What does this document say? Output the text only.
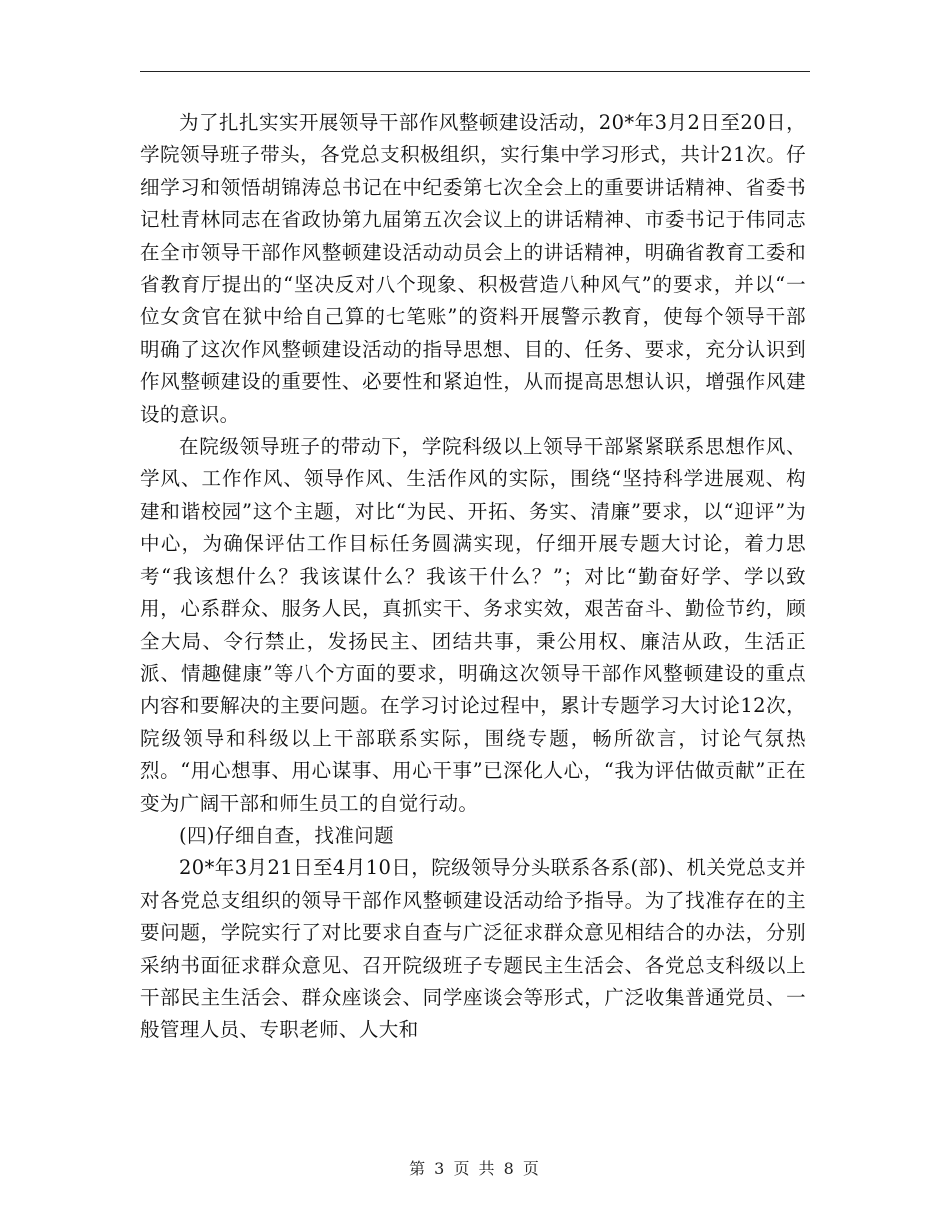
为了扎扎实实开展领导干部作风整顿建设活动，20*年3月2日至20日，学院领导班子带头，各党总支积极组织，实行集中学习形式，共计21次。仔细学习和领悟胡锦涛总书记在中纪委第七次全会上的重要讲话精神、省委书记杜青林同志在省政协第九届第五次会议上的讲话精神、市委书记于伟同志在全市领导干部作风整顿建设活动动员会上的讲话精神，明确省教育工委和省教育厅提出的“坚决反对八个现象、积极营造八种风气”的要求，并以“一位女贪官在狱中给自己算的七笔账”的资料开展警示教育，使每个领导干部明确了这次作风整顿建设活动的指导思想、目的、任务、要求，充分认识到作风整顿建设的重要性、必要性和紧迫性，从而提高思想认识，增强作风建设的意识。

在院级领导班子的带动下，学院科级以上领导干部紧紧联系思想作风、学风、工作作风、领导作风、生活作风的实际，围绕“坚持科学进展观、构建和谐校园”这个主题，对比“为民、开拓、务实、清廉”要求，以“迎评”为中心，为确保评估工作目标任务圆满实现，仔细开展专题大讨论，着力思考“我该想什么？我该谋什么？我该干什么？”；对比“勤奋好学、学以致用，心系群众、服务人民，真抓实干、务求实效，艰苦奋斗、勤俭节约，顾全大局、令行禁止，发扬民主、团结共事，秉公用权、廉洁从政，生活正派、情趣健康”等八个方面的要求，明确这次领导干部作风整顿建设的重点内容和要解决的主要问题。在学习讨论过程中，累计专题学习大讨论12次，院级领导和科级以上干部联系实际，围绕专题，畅所欲言，讨论气氛热烈。“用心想事、用心谋事、用心干事”已深化人心，“我为评估做贡献”正在变为广阔干部和师生员工的自觉行动。

(四)仔细自查，找准问题

20*年3月21日至4月10日，院级领导分头联系各系(部)、机关党总支并对各党总支组织的领导干部作风整顿建设活动给予指导。为了找准存在的主要问题，学院实行了对比要求自查与广泛征求群众意见相结合的办法，分别采纳书面征求群众意见、召开院级班子专题民主生活会、各党总支科级以上干部民主生活会、群众座谈会、同学座谈会等形式，广泛收集普通党员、一般管理人员、专职老师、人大和

第 3 页 共 8 页
